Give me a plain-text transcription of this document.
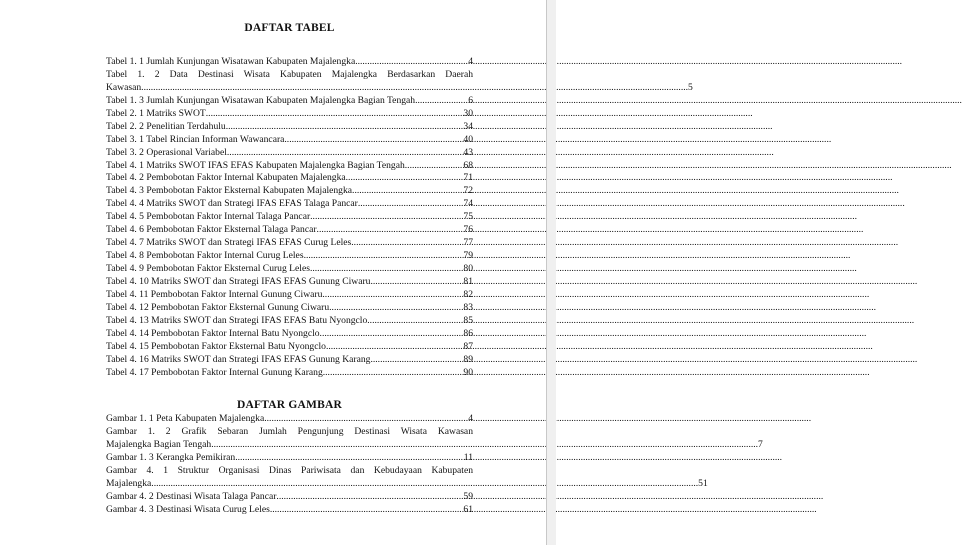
DAFTAR TABEL
Tabel 1. 1 Jumlah Kunjungan Wisatawan Kabupaten Majalengka .....	4
Tabel 1. 2 Data Destinasi Wisata Kabupaten Majalengka Berdasarkan Daerah
Kawasan .....	5
Tabel 1. 3 Jumlah Kunjungan Wisatawan Kabupaten Majalengka Bagian Tengah .....	6
Tabel 2. 1 Matriks SWOT .....	30
Tabel 2. 2 Penelitian Terdahulu .....	34
Tabel 3. 1 Tabel Rincian Informan Wawancara .....	40
Tabel 3. 2 Operasional Variabel .....	43
Tabel 4. 1 Matriks SWOT IFAS EFAS Kabupaten Majalengka Bagian Tengah .....	68
Tabel 4. 2 Pembobotan Faktor Internal Kabupaten Majalengka .....	71
Tabel 4. 3 Pembobotan Faktor Eksternal Kabupaten Majalengka .....	72
Tabel 4. 4 Matriks SWOT dan Strategi IFAS EFAS Talaga Pancar .....	74
Tabel 4. 5 Pembobotan Faktor Internal Talaga Pancar .....	75
Tabel 4. 6 Pembobotan Faktor Eksternal Talaga Pancar .....	76
Tabel 4. 7 Matriks SWOT dan Strategi IFAS EFAS Curug Leles .....	77
Tabel 4. 8 Pembobotan Faktor Internal Curug Leles .....	79
Tabel 4. 9 Pembobotan Faktor Eksternal Curug Leles .....	80
Tabel 4. 10 Matriks SWOT dan Strategi IFAS EFAS Gunung Ciwaru .....	81
Tabel 4. 11 Pembobotan Faktor Internal Gunung Ciwaru .....	82
Tabel 4. 12 Pembobotan Faktor Eksternal Gunung Ciwaru .....	83
Tabel 4. 13 Matriks SWOT dan Strategi IFAS EFAS Batu Nyongclo .....	85
Tabel 4. 14 Pembobotan Faktor Internal Batu Nyongclo .....	86
Tabel 4. 15 Pembobotan Faktor Eksternal Batu Nyongclo .....	87
Tabel 4. 16 Matriks SWOT dan Strategi IFAS EFAS Gunung Karang .....	89
Tabel 4. 17 Pembobotan Faktor Internal Gunung Karang .....	90
DAFTAR GAMBAR
Gambar 1. 1 Peta Kabupaten Majalengka .....	4
Gambar 1. 2 Grafik Sebaran Jumlah Pengunjung Destinasi Wisata Kawasan
Majalengka Bagian Tengah .....	7
Gambar 1. 3 Kerangka Pemikiran .....	11
Gambar 4. 1 Struktur Organisasi Dinas Pariwisata dan Kebudayaan Kabupaten
Majalengka .....	51
Gambar 4. 2 Destinasi Wisata Talaga Pancar .....	59
Gambar 4. 3 Destinasi Wisata Curug Leles .....	61
